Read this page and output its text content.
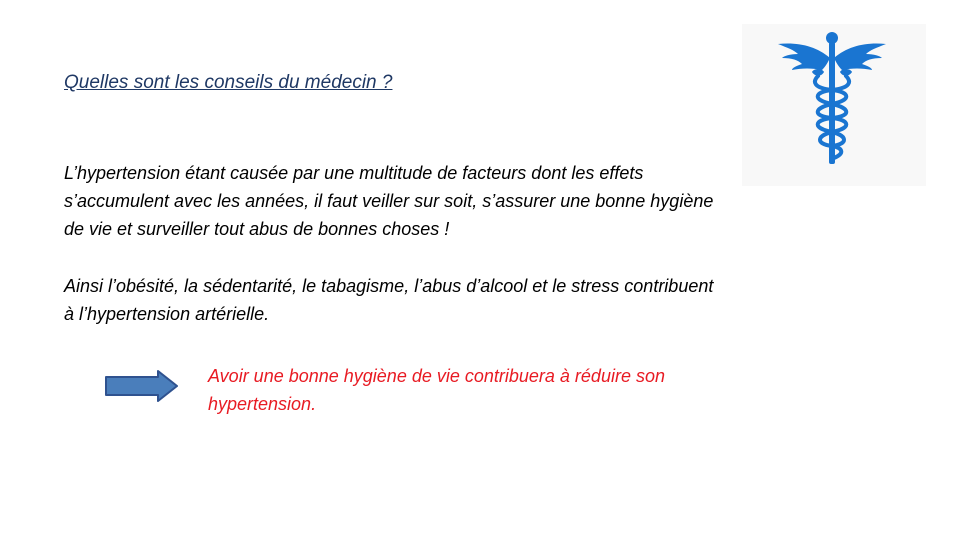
Quelles sont les conseils du médecin ?
L’hypertension étant causée par une multitude de facteurs dont les effets
s’accumulent avec les années, il faut veiller sur soit, s’assurer une bonne hygiène
de vie et surveiller tout abus de bonnes choses !
Ainsi l’obésité, la sédentarité, le tabagisme, l’abus d’alcool et le stress contribuent
à l’hypertension artérielle.
Avoir une bonne hygiène de vie contribuera à réduire son
hypertension.
